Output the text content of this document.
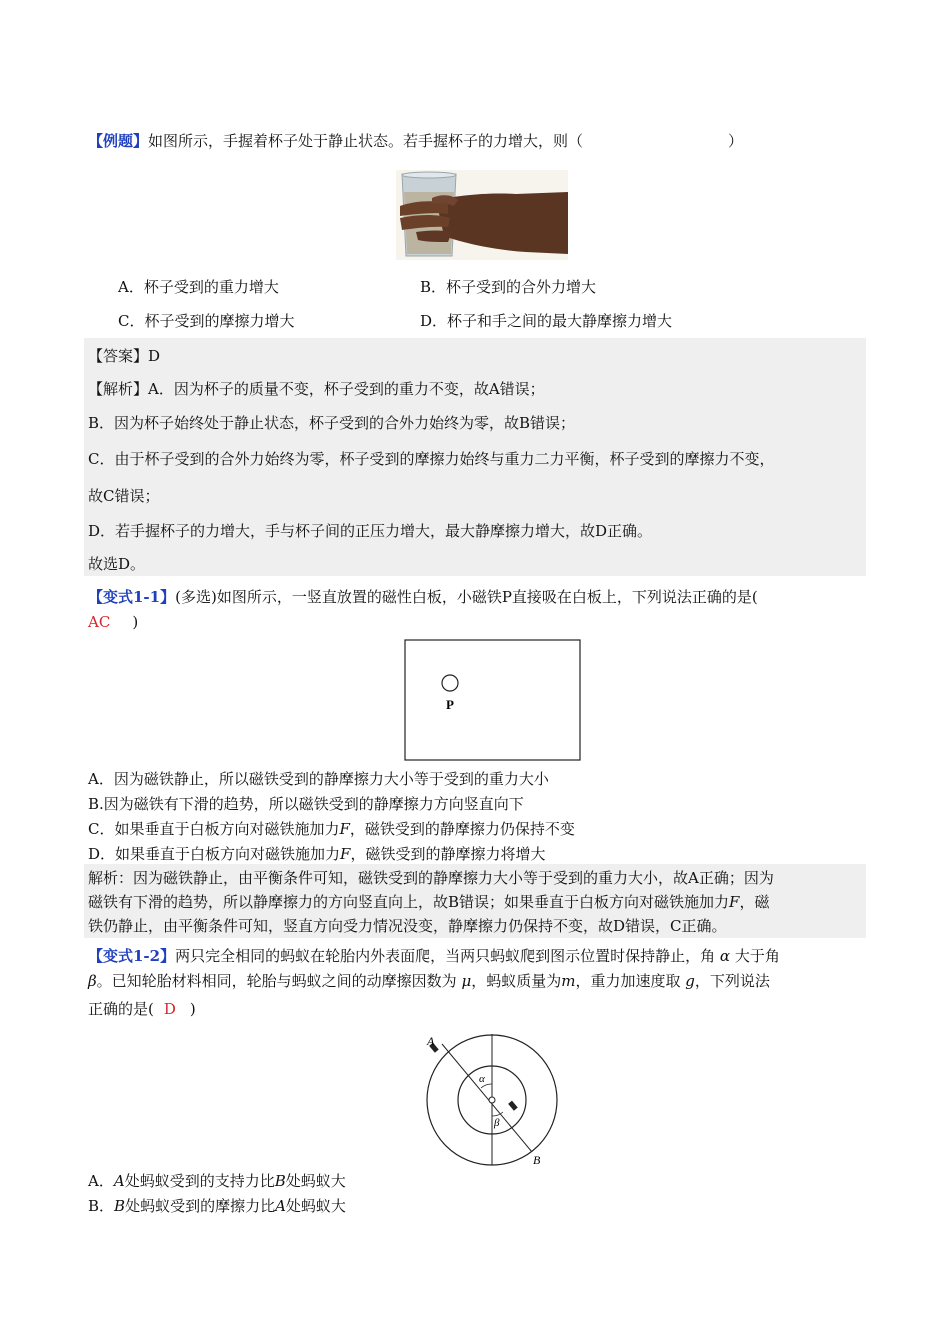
【例题】如图所示，手握着杯子处于静止状态。若手握杯子的力增大，则（	）
A．杯子受到的重力增大	B．杯子受到的合外力增大
C．杯子受到的摩擦力增大	D．杯子和手之间的最大静摩擦力增大
【答案】D
【解析】A．因为杯子的质量不变，杯子受到的重力不变，故A错误；
B．因为杯子始终处于静止状态，杯子受到的合外力始终为零，故B错误；
C．由于杯子受到的合外力始终为零，杯子受到的摩擦力始终与重力二力平衡，杯子受到的摩擦力不变，
故C错误；
D．若手握杯子的力增大，手与杯子间的正压力增大，最大静摩擦力增大，故D正确。
故选D。
【变式1-1】(多选)如图所示，一竖直放置的磁性白板，小磁铁P直接吸在白板上，下列说法正确的是(
AC )
P
A．因为磁铁静止，所以磁铁受到的静摩擦力大小等于受到的重力大小
B.因为磁铁有下滑的趋势，所以磁铁受到的静摩擦力方向竖直向下
C．如果垂直于白板方向对磁铁施加力F，磁铁受到的静摩擦力仍保持不变
D．如果垂直于白板方向对磁铁施加力F，磁铁受到的静摩擦力将增大
解析：因为磁铁静止，由平衡条件可知，磁铁受到的静摩擦力大小等于受到的重力大小，故A正确；因为
磁铁有下滑的趋势，所以静摩擦力的方向竖直向上，故B错误；如果垂直于白板方向对磁铁施加力F，磁
铁仍静止，由平衡条件可知，竖直方向受力情况没变，静摩擦力仍保持不变，故D错误，C正确。
【变式1-2】两只完全相同的蚂蚁在轮胎内外表面爬，当两只蚂蚁爬到图示位置时保持静止，角 α 大于角
β。已知轮胎材料相同，轮胎与蚂蚁之间的动摩擦因数为 μ，蚂蚁质量为m，重力加速度取 g，下列说法
正确的是( D )
A
B
α
β
A．A处蚂蚁受到的支持力比B处蚂蚁大
B．B处蚂蚁受到的摩擦力比A处蚂蚁大
